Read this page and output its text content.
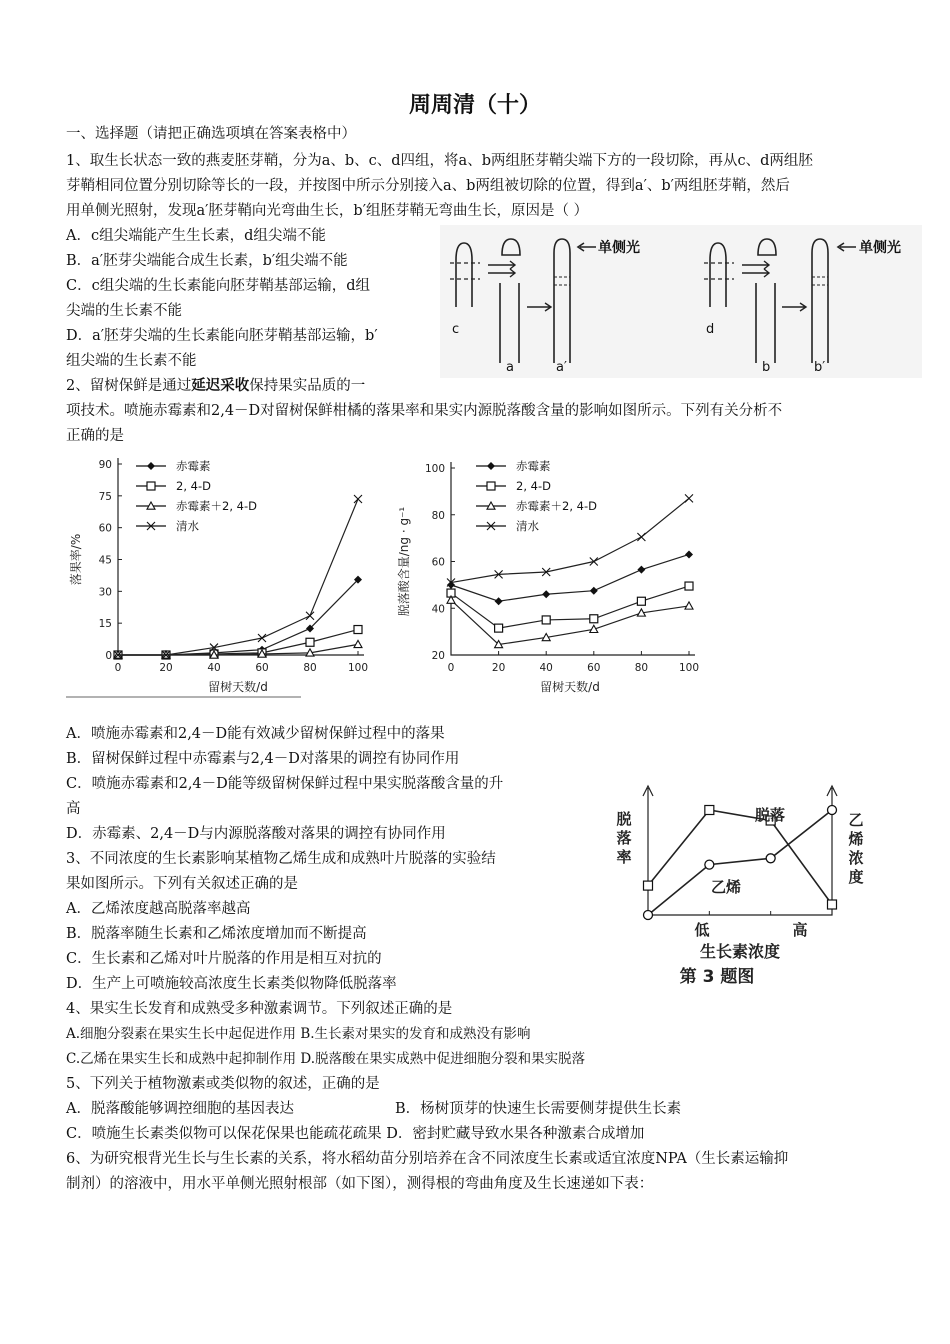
周周清（十）
一、选择题（请把正确选项填在答案表格中）
1、取生长状态一致的燕麦胚芽鞘，分为a、b、c、d四组，将a、b两组胚芽鞘尖端下方的一段切除，再从c、d两组胚
芽鞘相同位置分别切除等长的一段，并按图中所示分别接入a、b两组被切除的位置，得到a′、b′两组胚芽鞘，然后
用单侧光照射，发现a′胚芽鞘向光弯曲生长，b′组胚芽鞘无弯曲生长，原因是（ ）
A．c组尖端能产生生长素，d组尖端不能
B．a′胚芽尖端能合成生长素，b′组尖端不能
C．c组尖端的生长素能向胚芽鞘基部运输，d组
尖端的生长素不能
D．a′胚芽尖端的生长素能向胚芽鞘基部运输，b′
组尖端的生长素不能
单侧光	单侧光
c
a	a′
d
b	b′
2、留树保鲜是通过延迟采收保持果实品质的一
项技术。喷施赤霉素和2,4－D对留树保鲜柑橘的落果率和果实内源脱落酸含量的影响如图所示。下列有关分析不
正确的是
0
15
30
45
60
75
90
0	20	40	60	80	100
留树天数/d
落果率/%
赤霉素
2, 4-D
赤霉素＋2, 4-D
清水
20
40
60
80
100
0	20	40	60	80	100
留树天数/d
脱落酸含量/ng · g⁻¹
赤霉素
2, 4-D
赤霉素＋2, 4-D
清水
A．喷施赤霉素和2,4－D能有效减少留树保鲜过程中的落果
B．留树保鲜过程中赤霉素与2,4－D对落果的调控有协同作用
C．喷施赤霉素和2,4－D能等级留树保鲜过程中果实脱落酸含量的升
高
D．赤霉素、2,4－D与内源脱落酸对落果的调控有协同作用
低	高
生长素浓度
第 3 题图
脱
落
率
乙
烯
浓
度
脱落
乙烯
3、不同浓度的生长素影响某植物乙烯生成和成熟叶片脱落的实验结
果如图所示。下列有关叙述正确的是
A．乙烯浓度越高脱落率越高
B．脱落率随生长素和乙烯浓度增加而不断提高
C．生长素和乙烯对叶片脱落的作用是相互对抗的
D．生产上可喷施较高浓度生长素类似物降低脱落率
4、果实生长发育和成熟受多种激素调节。下列叙述正确的是
A.细胞分裂素在果实生长中起促进作用 B.生长素对果实的发育和成熟没有影响
C.乙烯在果实生长和成熟中起抑制作用 D.脱落酸在果实成熟中促进细胞分裂和果实脱落
5、下列关于植物激素或类似物的叙述，正确的是
A．脱落酸能够调控细胞的基因表达	B．杨树顶芽的快速生长需要侧芽提供生长素
C．喷施生长素类似物可以保花保果也能疏花疏果 D．密封贮藏导致水果各种激素合成增加
6、为研究根背光生长与生长素的关系，将水稻幼苗分别培养在含不同浓度生长素或适宜浓度NPA（生长素运输抑
制剂）的溶液中，用水平单侧光照射根部（如下图），测得根的弯曲角度及生长速递如下表：
